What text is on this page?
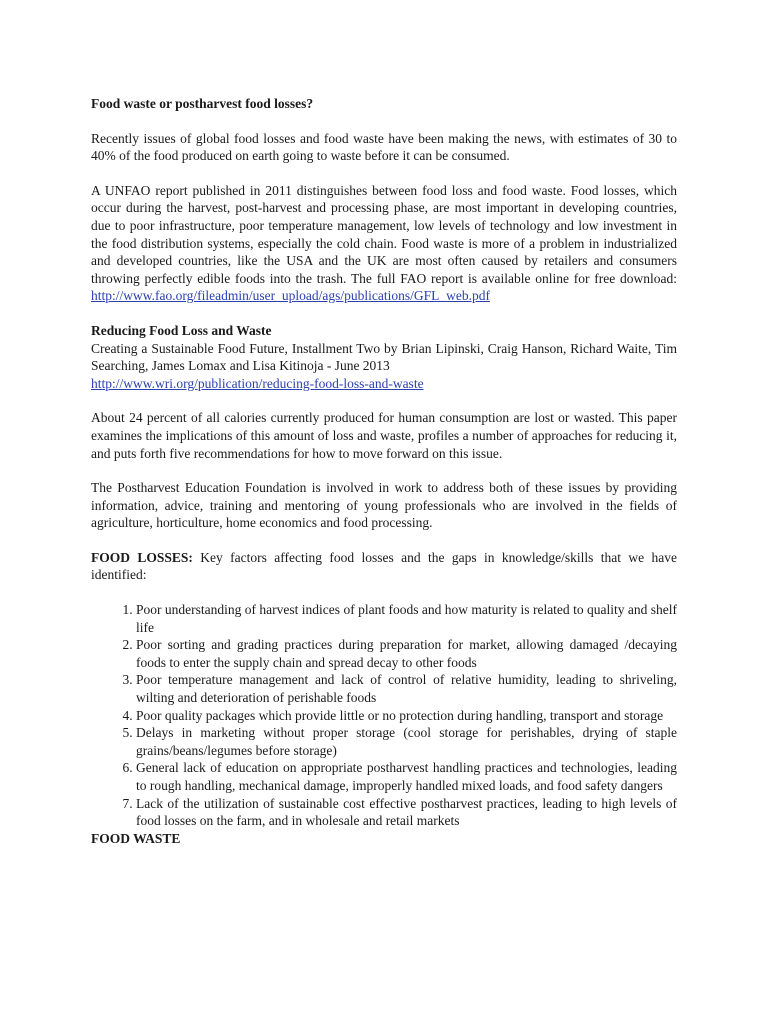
Food waste or postharvest food losses?

Recently issues of global food losses and food waste have been making the news, with estimates of 30 to 40% of the food produced on earth going to waste before it can be consumed.

A UNFAO report published in 2011 distinguishes between food loss and food waste. Food losses, which occur during the harvest, post-harvest and processing phase, are most important in developing countries, due to poor infrastructure, poor temperature management, low levels of technology and low investment in the food distribution systems, especially the cold chain. Food waste is more of a problem in industrialized and developed countries, like the USA and the UK are most often caused by retailers and consumers throwing perfectly edible foods into the trash. The full FAO report is available online for free download: http://www.fao.org/fileadmin/user_upload/ags/publications/GFL_web.pdf

Reducing Food Loss and Waste

Creating a Sustainable Food Future, Installment Two by Brian Lipinski, Craig Hanson, Richard Waite, Tim Searching, James Lomax and Lisa Kitinoja - June 2013

http://www.wri.org/publication/reducing-food-loss-and-waste

About 24 percent of all calories currently produced for human consumption are lost or wasted. This paper examines the implications of this amount of loss and waste, profiles a number of approaches for reducing it, and puts forth five recommendations for how to move forward on this issue.

The Postharvest Education Foundation is involved in work to address both of these issues by providing information, advice, training and mentoring of young professionals who are involved in the fields of agriculture, horticulture, home economics and food processing.

FOOD LOSSES: Key factors affecting food losses and the gaps in knowledge/skills that we have identified:

1. Poor understanding of harvest indices of plant foods and how maturity is related to quality and shelf life
2. Poor sorting and grading practices during preparation for market, allowing damaged /decaying foods to enter the supply chain and spread decay to other foods
3. Poor temperature management and lack of control of relative humidity, leading to shriveling, wilting and deterioration of perishable foods
4. Poor quality packages which provide little or no protection during handling, transport and storage
5. Delays in marketing without proper storage (cool storage for perishables, drying of staple grains/beans/legumes before storage)
6. General lack of education on appropriate postharvest handling practices and technologies, leading to rough handling, mechanical damage, improperly handled mixed loads, and food safety dangers
7. Lack of the utilization of sustainable cost effective postharvest practices, leading to high levels of food losses on the farm, and in wholesale and retail markets

FOOD WASTE
